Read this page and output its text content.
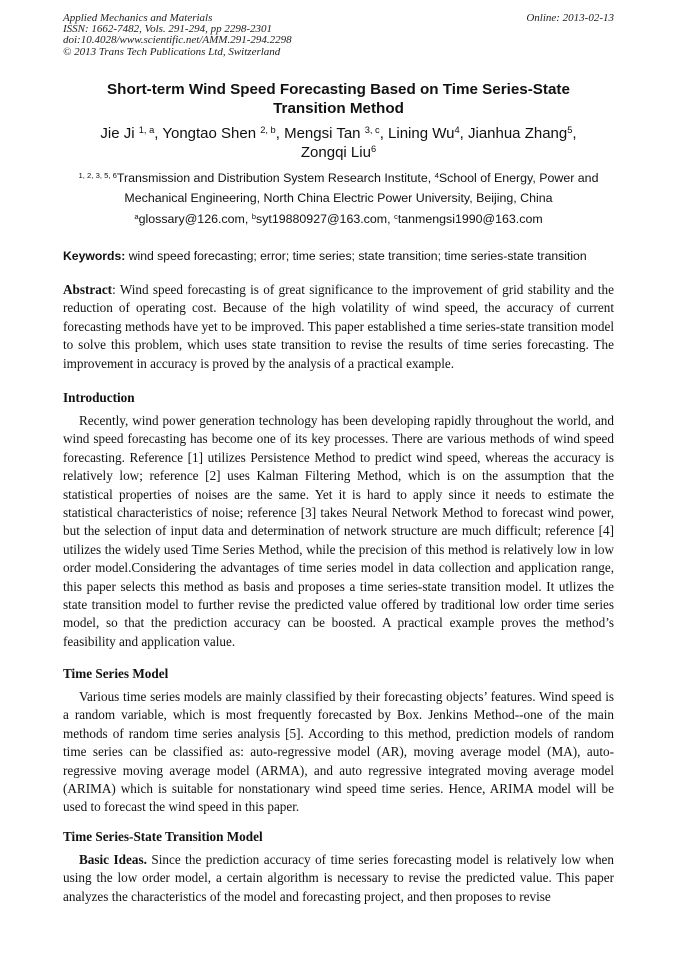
Applied Mechanics and Materials
ISSN: 1662-7482, Vols. 291-294, pp 2298-2301
doi:10.4028/www.scientific.net/AMM.291-294.2298
© 2013 Trans Tech Publications Ltd, Switzerland
Online: 2013-02-13
Short-term Wind Speed Forecasting Based on Time Series-State
Transition Method
Jie Ji $^{1, a}$, Yongtao Shen $^{2, b}$, Mengsi Tan $^{3, c}$, Lining Wu$^4$, Jianhua Zhang$^5$,
Zongqi Liu$^6$
$^{1, 2, 3, 5, 6}$Transmission and Distribution System Research Institute, $^4$School of Energy, Power and
Mechanical Engineering, North China Electric Power University, Beijing, China
$^a$glossary@126.com, $^b$syt19880927@163.com, $^c$tanmengsi1990@163.com
Keywords: wind speed forecasting; error; time series; state transition; time series-state transition
Abstract: Wind speed forecasting is of great significance to the improvement of grid stability and the reduction of operating cost. Because of the high volatility of wind speed, the accuracy of current forecasting methods have yet to be improved. This paper established a time series-state transition model to solve this problem, which uses state transition to revise the results of time series forecasting. The improvement in accuracy is proved by the analysis of a practical example.
Introduction

Recently, wind power generation technology has been developing rapidly throughout the world, and wind speed forecasting has become one of its key processes. There are various methods of wind speed forecasting. Reference [1] utilizes Persistence Method to predict wind speed, whereas the accuracy is relatively low; reference [2] uses Kalman Filtering Method, which is on the assumption that the statistical properties of noises are the same. Yet it is hard to apply since it needs to estimate the statistical characteristics of noise; reference [3] takes Neural Network Method to forecast wind power, but the selection of input data and determination of network structure are much difficult; reference [4] utilizes the widely used Time Series Method, while the precision of this method is relatively low in low order model.Considering the advantages of time series model in data collection and application range, this paper selects this method as basis and proposes a time series-state transition model. It utlizes the state transition model to further revise the predicted value offered by traditional low order time series model, so that the prediction accuracy can be boosted. A practical example proves the method’s feasibility and application value.

Time Series Model

Various time series models are mainly classified by their forecasting objects’ features. Wind speed is a random variable, which is most frequently forecasted by Box. Jenkins Method--one of the main methods of random time series analysis [5]. According to this method, prediction models of random time series can be classified as: auto-regressive model (AR), moving average model (MA), auto-regressive moving average model (ARMA), and auto regressive integrated moving average model (ARIMA) which is suitable for nonstationary wind speed time series. Hence, ARIMA model will be used to forecast the wind speed in this paper.

Time Series-State Transition Model

Basic Ideas. Since the prediction accuracy of time series forecasting model is relatively low when using the low order model, a certain algorithm is necessary to revise the predicted value. This paper analyzes the characteristics of the model and forecasting project, and then proposes to revise
